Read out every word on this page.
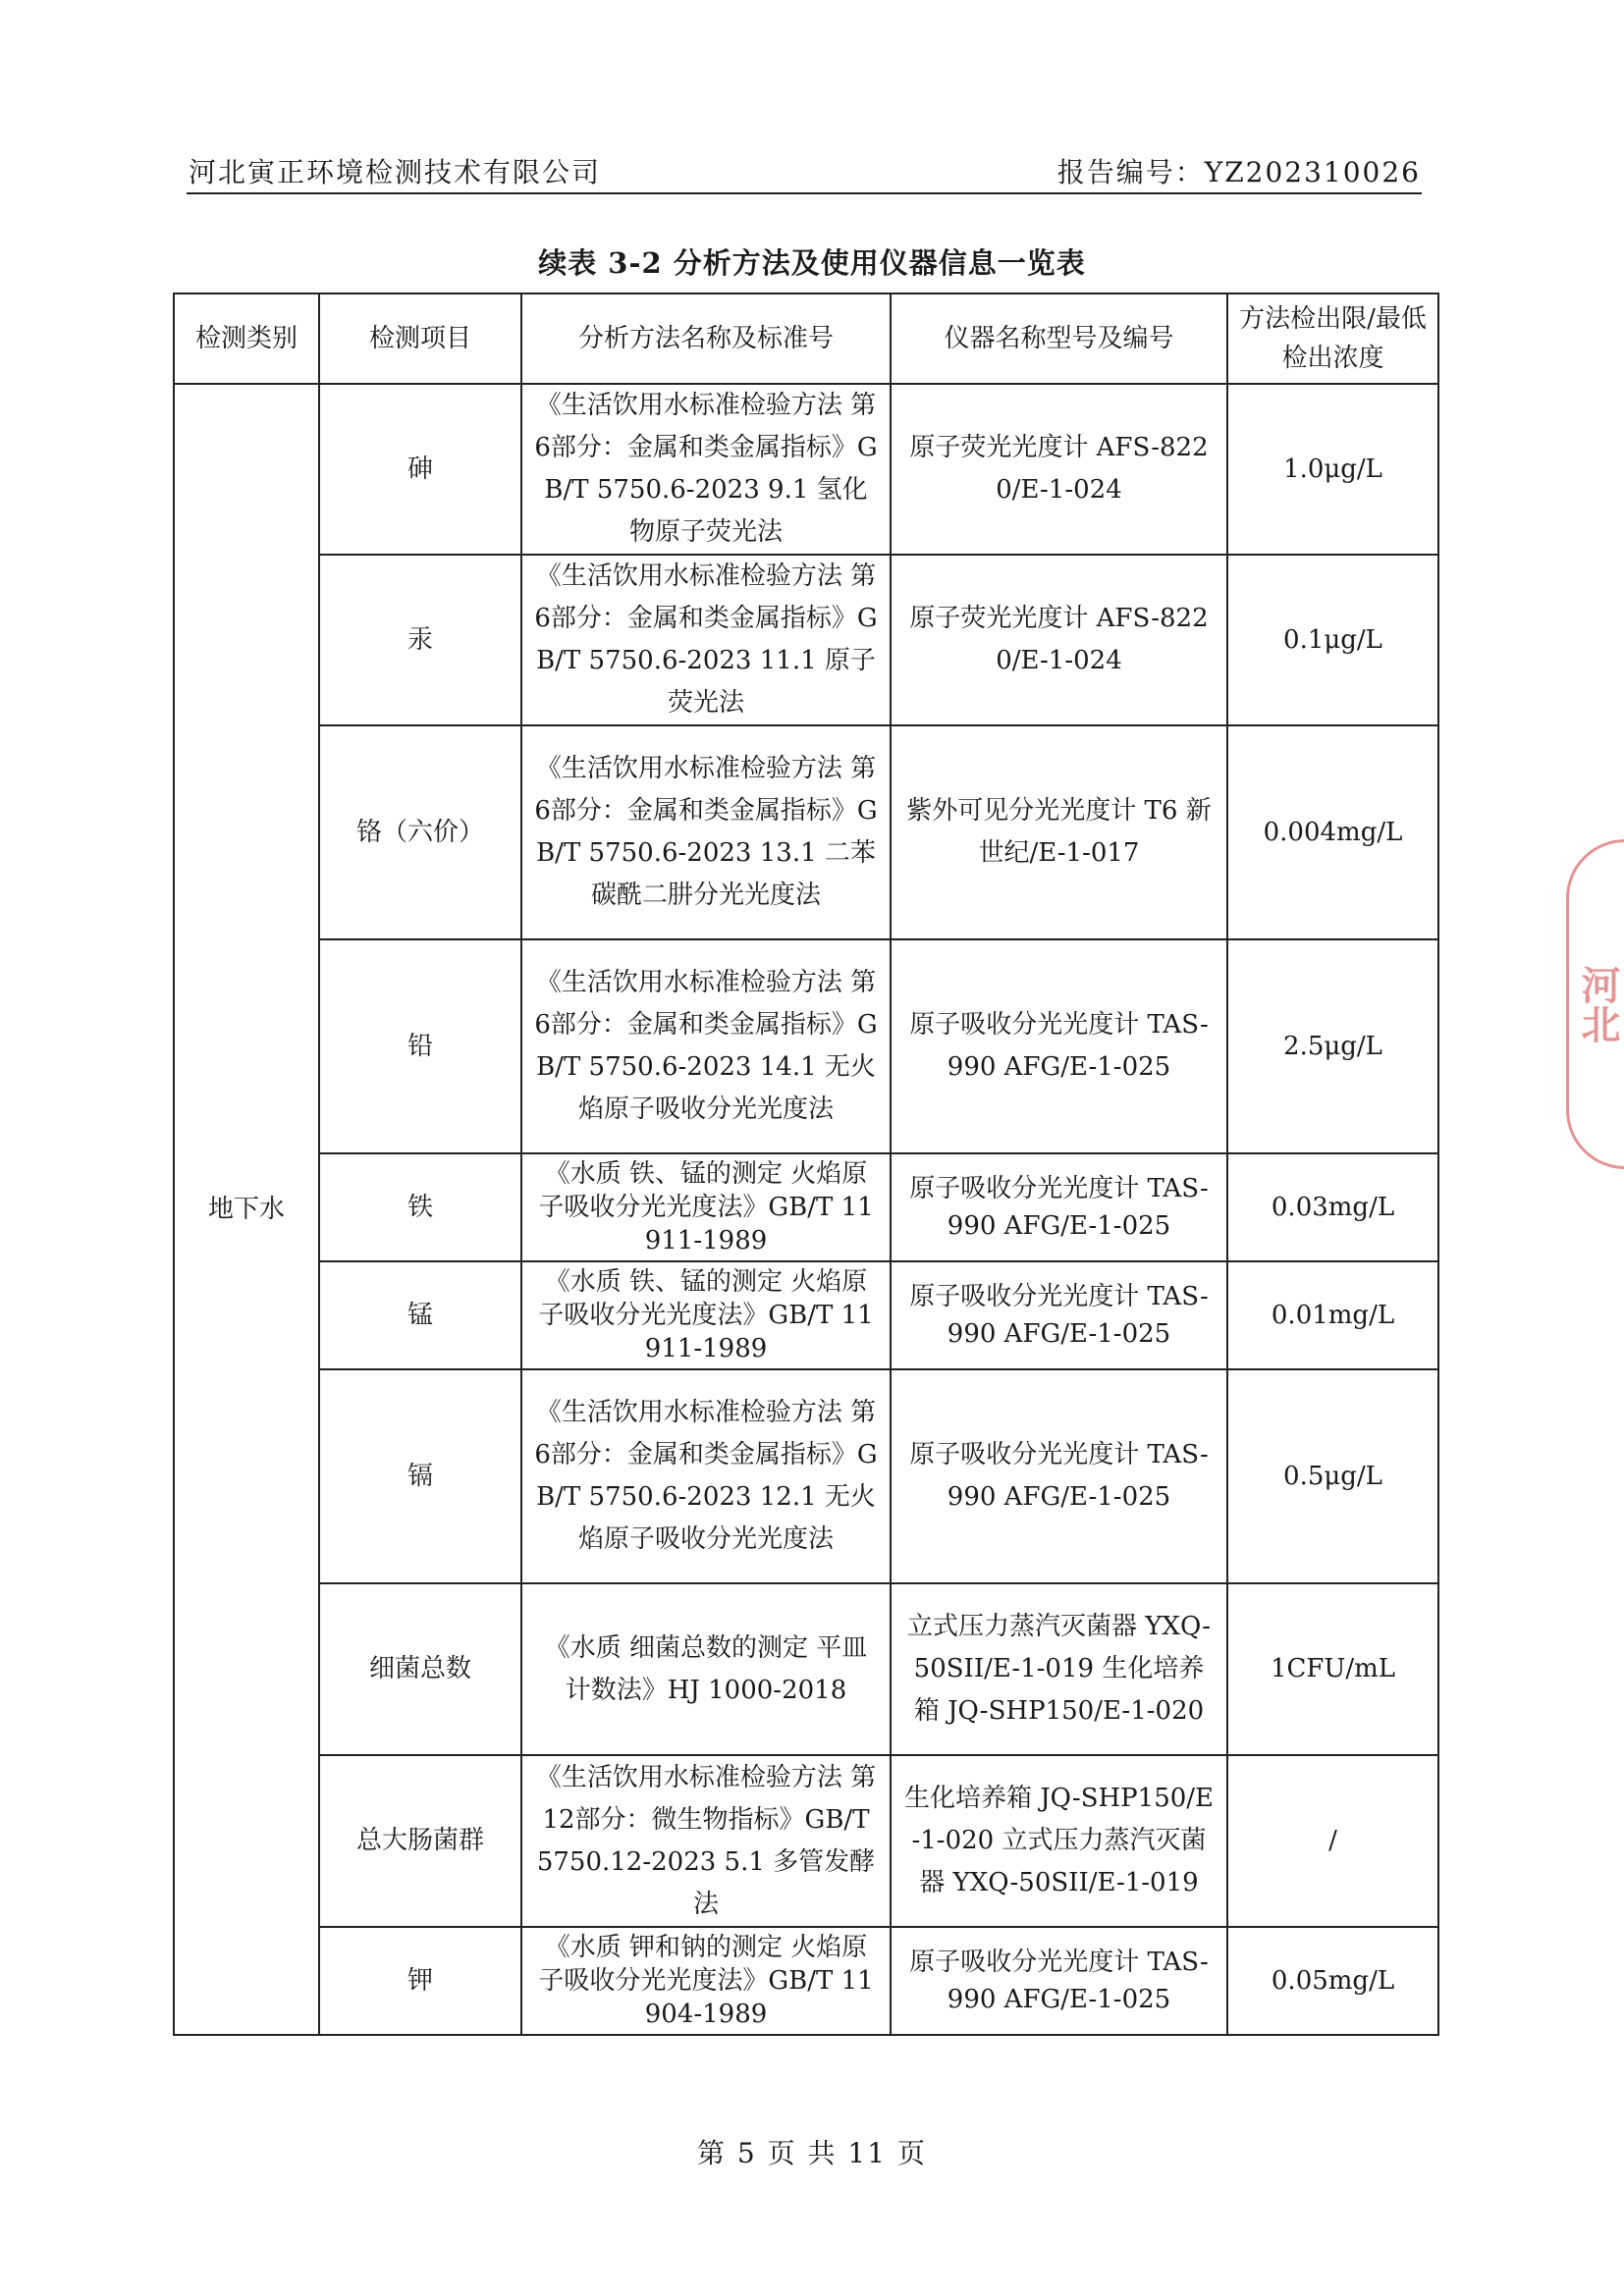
河北寅正环境检测技术有限公司	报告编号：YZ202310026
续表 3-2 分析方法及使用仪器信息一览表
检测类别	检测项目	分析方法名称及标准号	仪器名称型号及编号	方法检出限/最低检出浓度
地下水	砷	《生活饮用水标准检验方法 第6部分：金属和类金属指标》GB/T 5750.6-2023 9.1 氢化物原子荧光法	原子荧光光度计 AFS-8220/E-1-024	1.0μg/L
	汞	《生活饮用水标准检验方法 第6部分：金属和类金属指标》GB/T 5750.6-2023 11.1 原子荧光法	原子荧光光度计 AFS-8220/E-1-024	0.1μg/L
	铬（六价）	《生活饮用水标准检验方法 第6部分：金属和类金属指标》GB/T 5750.6-2023 13.1 二苯碳酰二肼分光光度法	紫外可见分光光度计 T6 新世纪/E-1-017	0.004mg/L
	铅	《生活饮用水标准检验方法 第6部分：金属和类金属指标》GB/T 5750.6-2023 14.1 无火焰原子吸收分光光度法	原子吸收分光光度计 TAS-990 AFG/E-1-025	2.5μg/L
	铁	《水质 铁、锰的测定 火焰原子吸收分光光度法》GB/T 11911-1989	原子吸收分光光度计 TAS-990 AFG/E-1-025	0.03mg/L
	锰	《水质 铁、锰的测定 火焰原子吸收分光光度法》GB/T 11911-1989	原子吸收分光光度计 TAS-990 AFG/E-1-025	0.01mg/L
	镉	《生活饮用水标准检验方法 第6部分：金属和类金属指标》GB/T 5750.6-2023 12.1 无火焰原子吸收分光光度法	原子吸收分光光度计 TAS-990 AFG/E-1-025	0.5μg/L
	细菌总数	《水质 细菌总数的测定 平皿计数法》HJ 1000-2018	立式压力蒸汽灭菌器 YXQ-50SII/E-1-019 生化培养箱 JQ-SHP150/E-1-020	1CFU/mL
	总大肠菌群	《生活饮用水标准检验方法 第12部分：微生物指标》GB/T 5750.12-2023 5.1 多管发酵法	生化培养箱 JQ-SHP150/E-1-020 立式压力蒸汽灭菌器 YXQ-50SII/E-1-019	/
	钾	《水质 钾和钠的测定 火焰原子吸收分光光度法》GB/T 11904-1989	原子吸收分光光度计 TAS-990 AFG/E-1-025	0.05mg/L
河北
第 5 页 共 11 页
